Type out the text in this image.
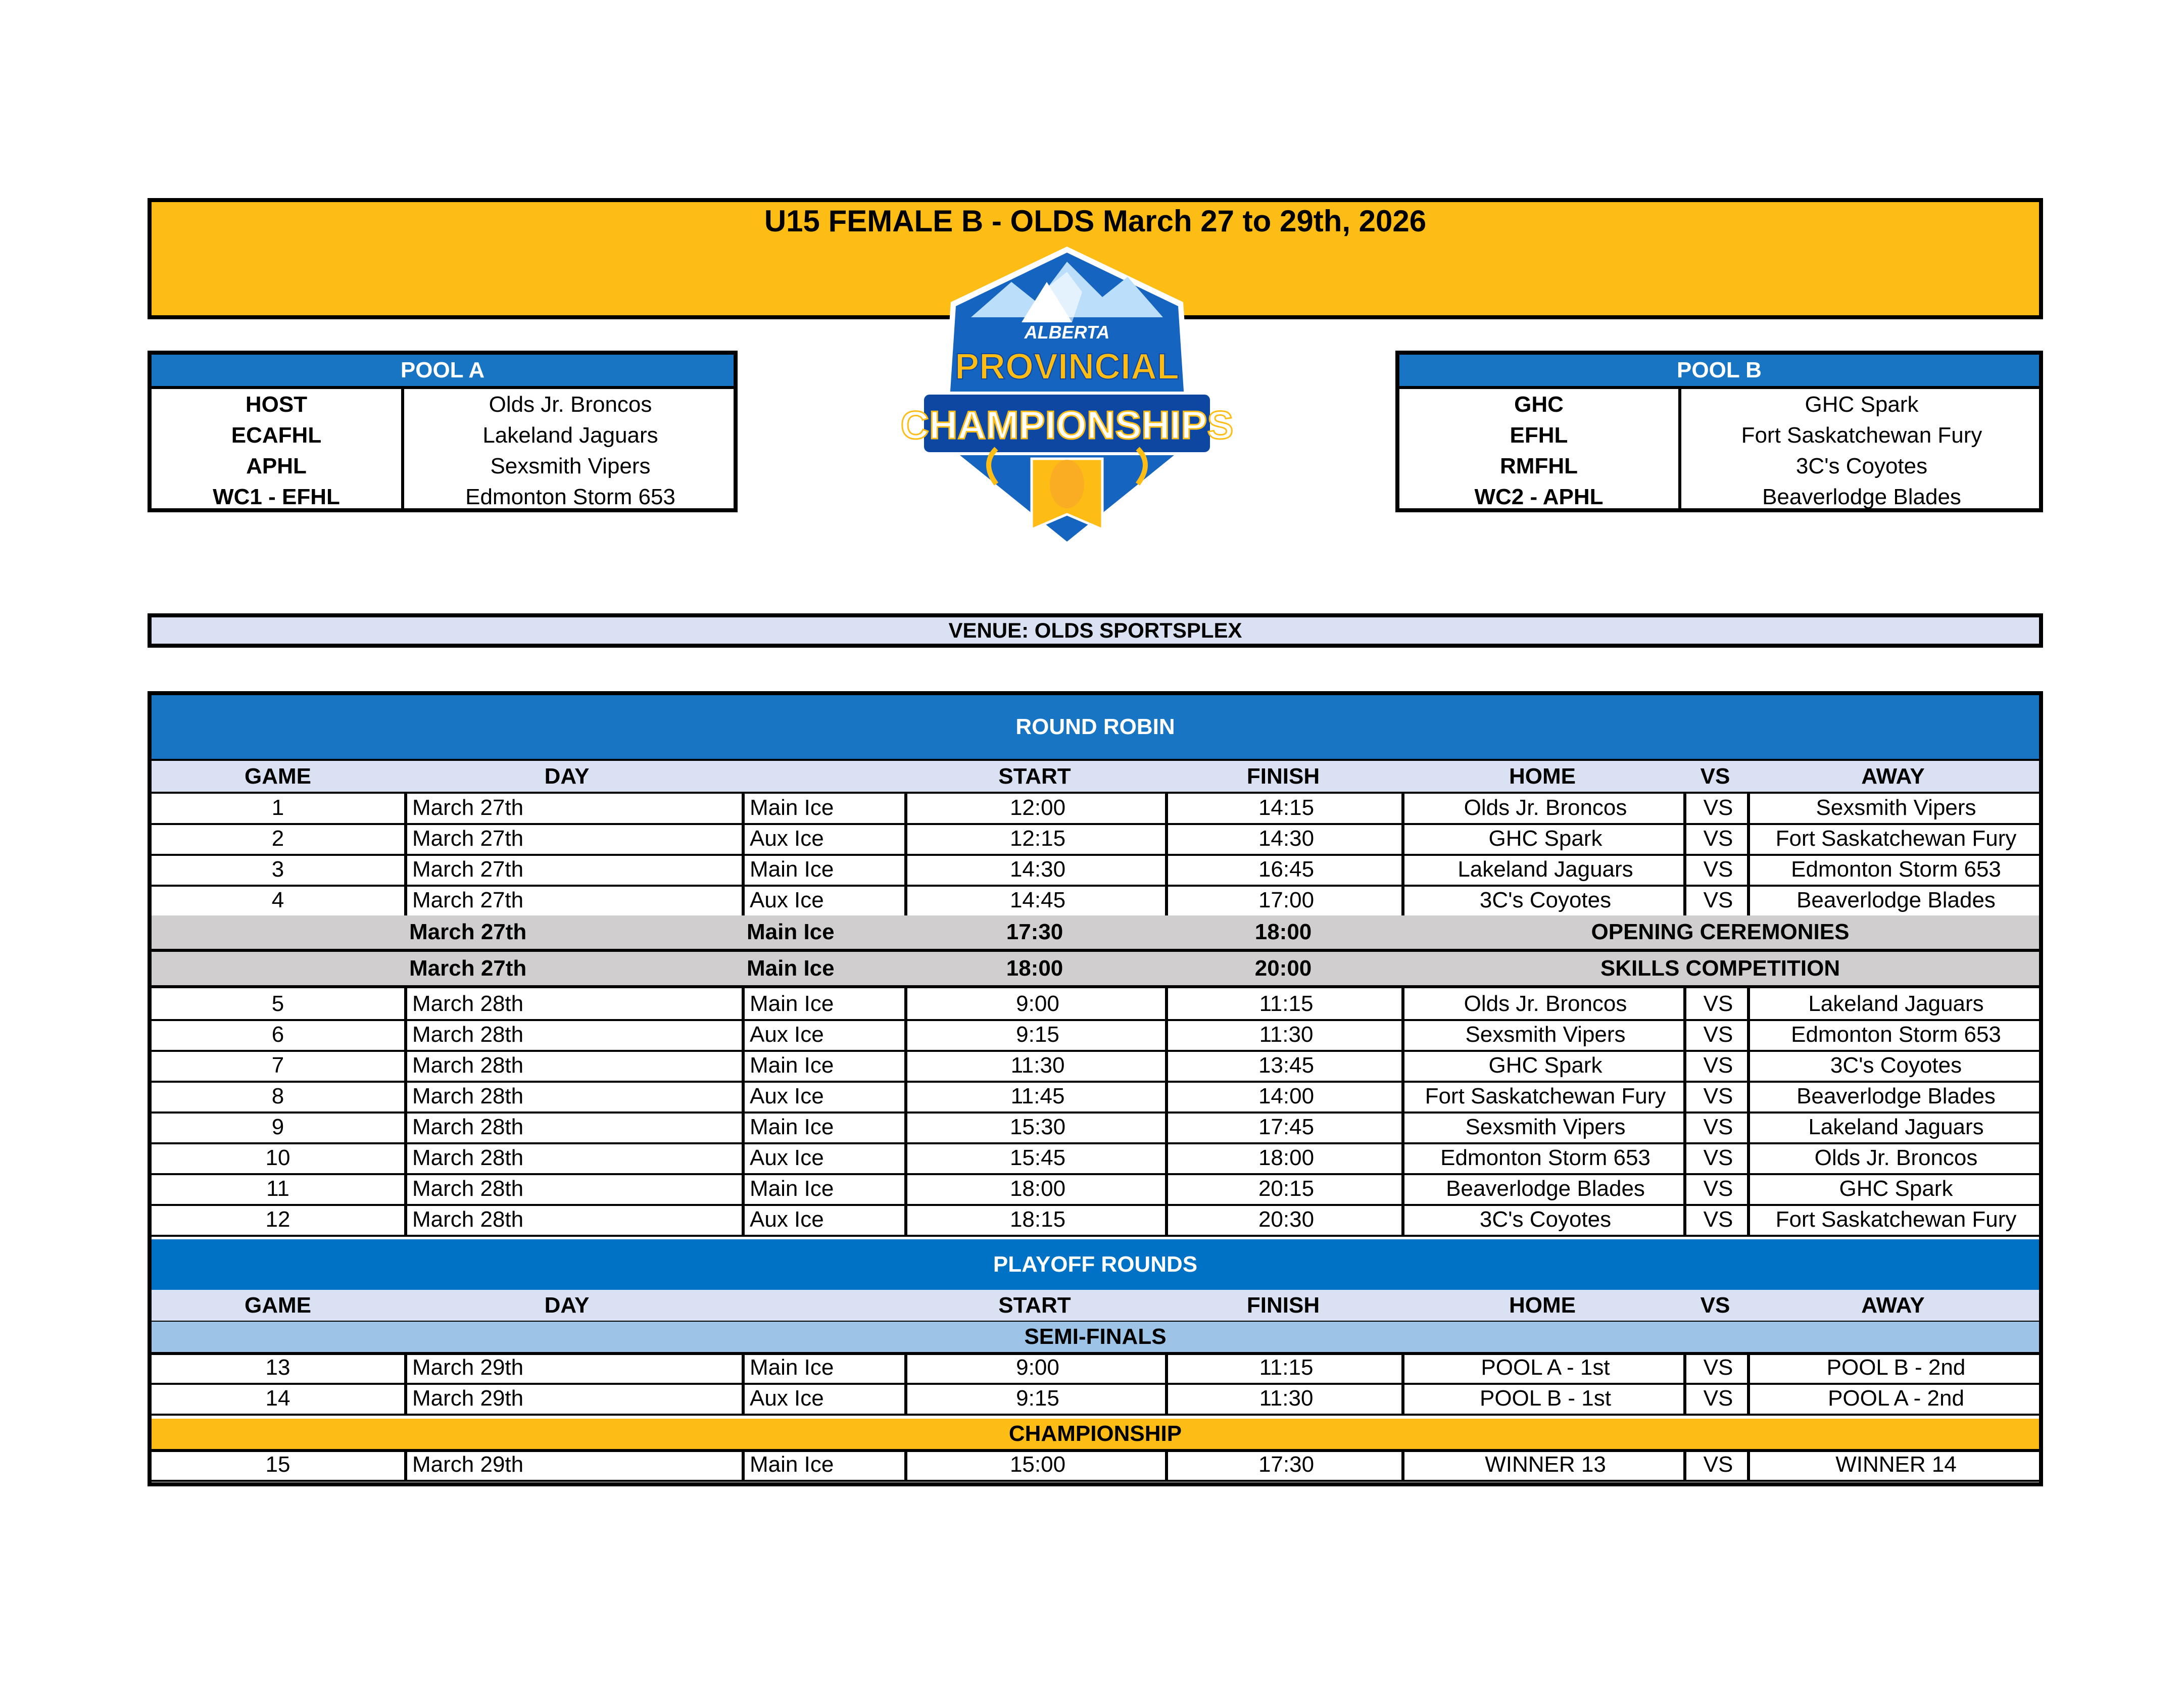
U15 FEMALE B - OLDS March 27 to 29th, 2026
ALBERTA
PROVINCIAL
CHAMPIONSHIPS
POOL A
HOST	Olds Jr. Broncos
ECAFHL	Lakeland Jaguars
APHL	Sexsmith Vipers
WC1 - EFHL	Edmonton Storm 653
POOL B
GHC	GHC Spark
EFHL	Fort Saskatchewan Fury
RMFHL	3C's Coyotes
WC2 - APHL	Beaverlodge Blades
VENUE: OLDS SPORTSPLEX
ROUND ROBIN
GAME	DAY	START	FINISH	HOME	VS	AWAY
1	March 27th	Main Ice	12:00	14:15	Olds Jr. Broncos	VS	Sexsmith Vipers
2	March 27th	Aux Ice	12:15	14:30	GHC Spark	VS	Fort Saskatchewan Fury
3	March 27th	Main Ice	14:30	16:45	Lakeland Jaguars	VS	Edmonton Storm 653
4	March 27th	Aux Ice	14:45	17:00	3C's Coyotes	VS	Beaverlodge Blades
March 27th	Main Ice	17:30	18:00	OPENING CEREMONIES
March 27th	Main Ice	18:00	20:00	SKILLS COMPETITION
5	March 28th	Main Ice	9:00	11:15	Olds Jr. Broncos	VS	Lakeland Jaguars
6	March 28th	Aux Ice	9:15	11:30	Sexsmith Vipers	VS	Edmonton Storm 653
7	March 28th	Main Ice	11:30	13:45	GHC Spark	VS	3C's Coyotes
8	March 28th	Aux Ice	11:45	14:00	Fort Saskatchewan Fury	VS	Beaverlodge Blades
9	March 28th	Main Ice	15:30	17:45	Sexsmith Vipers	VS	Lakeland Jaguars
10	March 28th	Aux Ice	15:45	18:00	Edmonton Storm 653	VS	Olds Jr. Broncos
11	March 28th	Main Ice	18:00	20:15	Beaverlodge Blades	VS	GHC Spark
12	March 28th	Aux Ice	18:15	20:30	3C's Coyotes	VS	Fort Saskatchewan Fury
PLAYOFF ROUNDS
GAME	DAY	START	FINISH	HOME	VS	AWAY
SEMI-FINALS
13	March 29th	Main Ice	9:00	11:15	POOL A - 1st	VS	POOL B - 2nd
14	March 29th	Aux Ice	9:15	11:30	POOL B - 1st	VS	POOL A - 2nd
CHAMPIONSHIP
15	March 29th	Main Ice	15:00	17:30	WINNER 13	VS	WINNER 14
